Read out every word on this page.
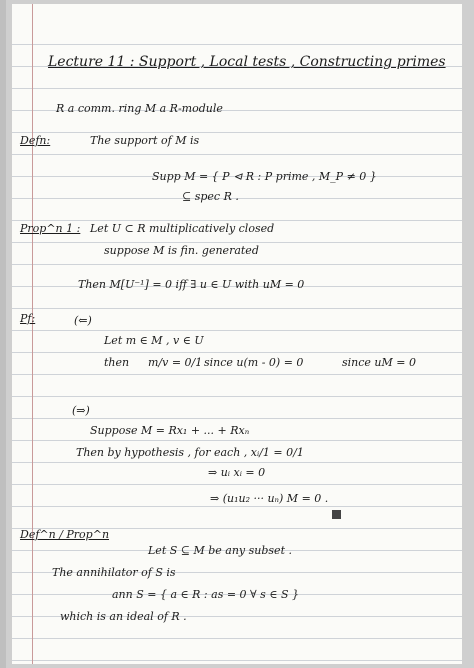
Lecture 11 : Support , Local tests , Constructing primes
R a comm. ring M a R-module
Defn:	The support of M is
Supp M = { P ⊲ R : P prime , M_P ≠ 0 }
⊆ spec R .
Prop^n 1 : Let U ⊂ R multiplicatively closed
suppose M is fin. generated
Then M[U⁻¹] = 0 iff ∃ u ∈ U with uM = 0
Pf:	(⇐)
Let m ∈ M , v ∈ U
then m/v = 0/1 since u(m - 0) = 0	since uM = 0
(⇒)
Suppose M = Rx₁ + ... + Rxₙ
Then by hypothesis , for each , xᵢ/1 = 0/1
⇒ uᵢ xᵢ = 0
⇒ (u₁u₂ ··· uₙ) M = 0 .
Def^n / Prop^n
Let S ⊆ M be any subset .
The annihilator of S is
ann S = { a ∈ R : as = 0 ∀ s ∈ S }
which is an ideal of R .
